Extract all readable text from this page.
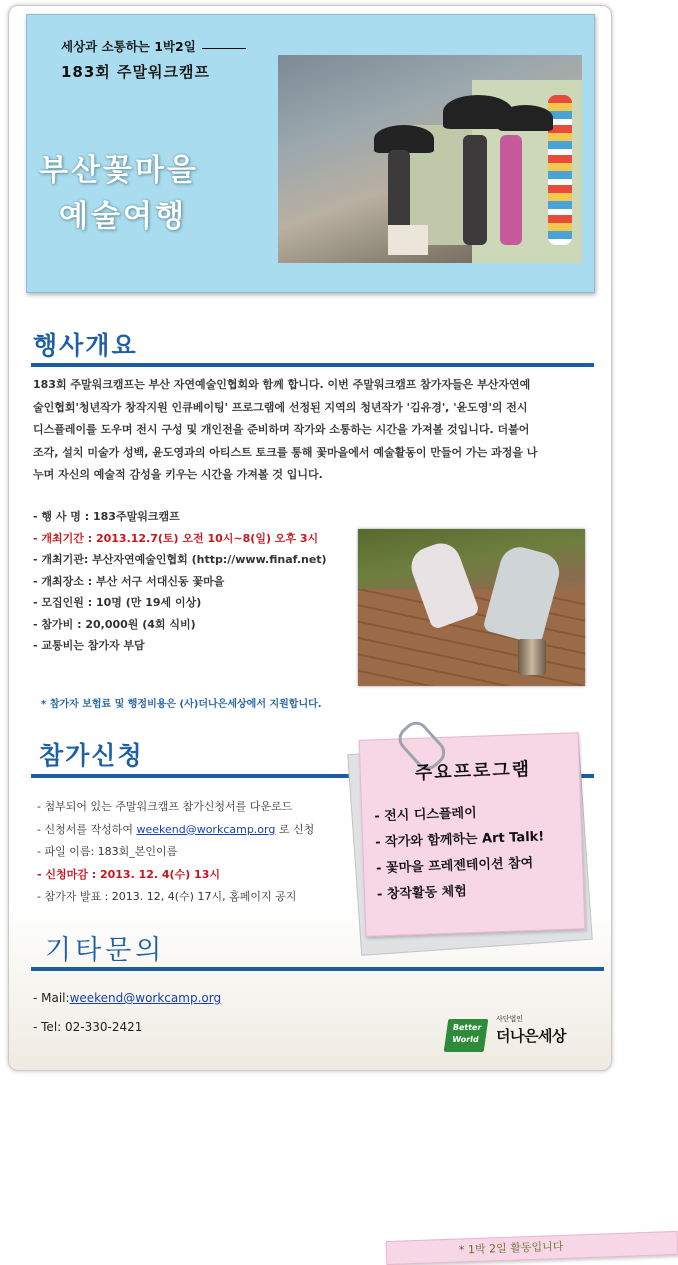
세상과 소통하는 1박2일
183회 주말워크캠프
부산꽃마을
예술여행
행사개요

183회 주말워크캠프는 부산 자연예술인협회와 함께 합니다. 이번 주말워크캠프 참가자들은 부산자연예

술인협회'청년작가 창작지원 인큐베이팅' 프로그램에 선정된 지역의 청년작가 '김유경', '윤도영'의 전시

디스플레이를 도우며 전시 구성 및 개인전을 준비하며 작가와 소통하는 시간을 가져볼 것입니다. 더불어

조각, 설치 미술가 성백, 윤도영과의 아티스트 토크를 통해 꽃마을에서 예술활동이 만들어 가는 과정을 나

누며 자신의 예술적 감성을 키우는 시간을 가져볼 것 입니다.

- 행 사 명 : 183주말워크캠프
- 개최기간 : 2013.12.7(토) 오전 10시~8(일) 오후 3시
* 1박 2일 활동입니다
- 개최기관: 부산자연예술인협회 (http://www.finaf.net)
- 개최장소 : 부산 서구 서대신동 꽃마을
- 모집인원 : 10명 (만 19세 이상)
- 참가비 : 20,000원 (4회 식비)
- 교통비는 참가자 부담
* 참가자 보험료 및 행정비용은 (사)더나은세상에서 지원합니다.
참가신청
- 첨부되어 있는 주말워크캠프 참가신청서를 다운로드
- 신청서를 작성하여 weekend@workcamp.org 로 신청
- 파일 이름: 183회_본인이름
- 신청마감 : 2013. 12. 4(수) 13시
- 참가자 발표 : 2013. 12, 4(수) 17시, 홈페이지 공지
주요프로그램
- 전시 디스플레이
- 작가와 함께하는 Art Talk!
- 꽃마을 프레젠테이션 참여
- 창작활동 체험
기타문의
- Mail:weekend@workcamp.org
- Tel: 02-330-2421	Better World
사단법인
더나은세상
